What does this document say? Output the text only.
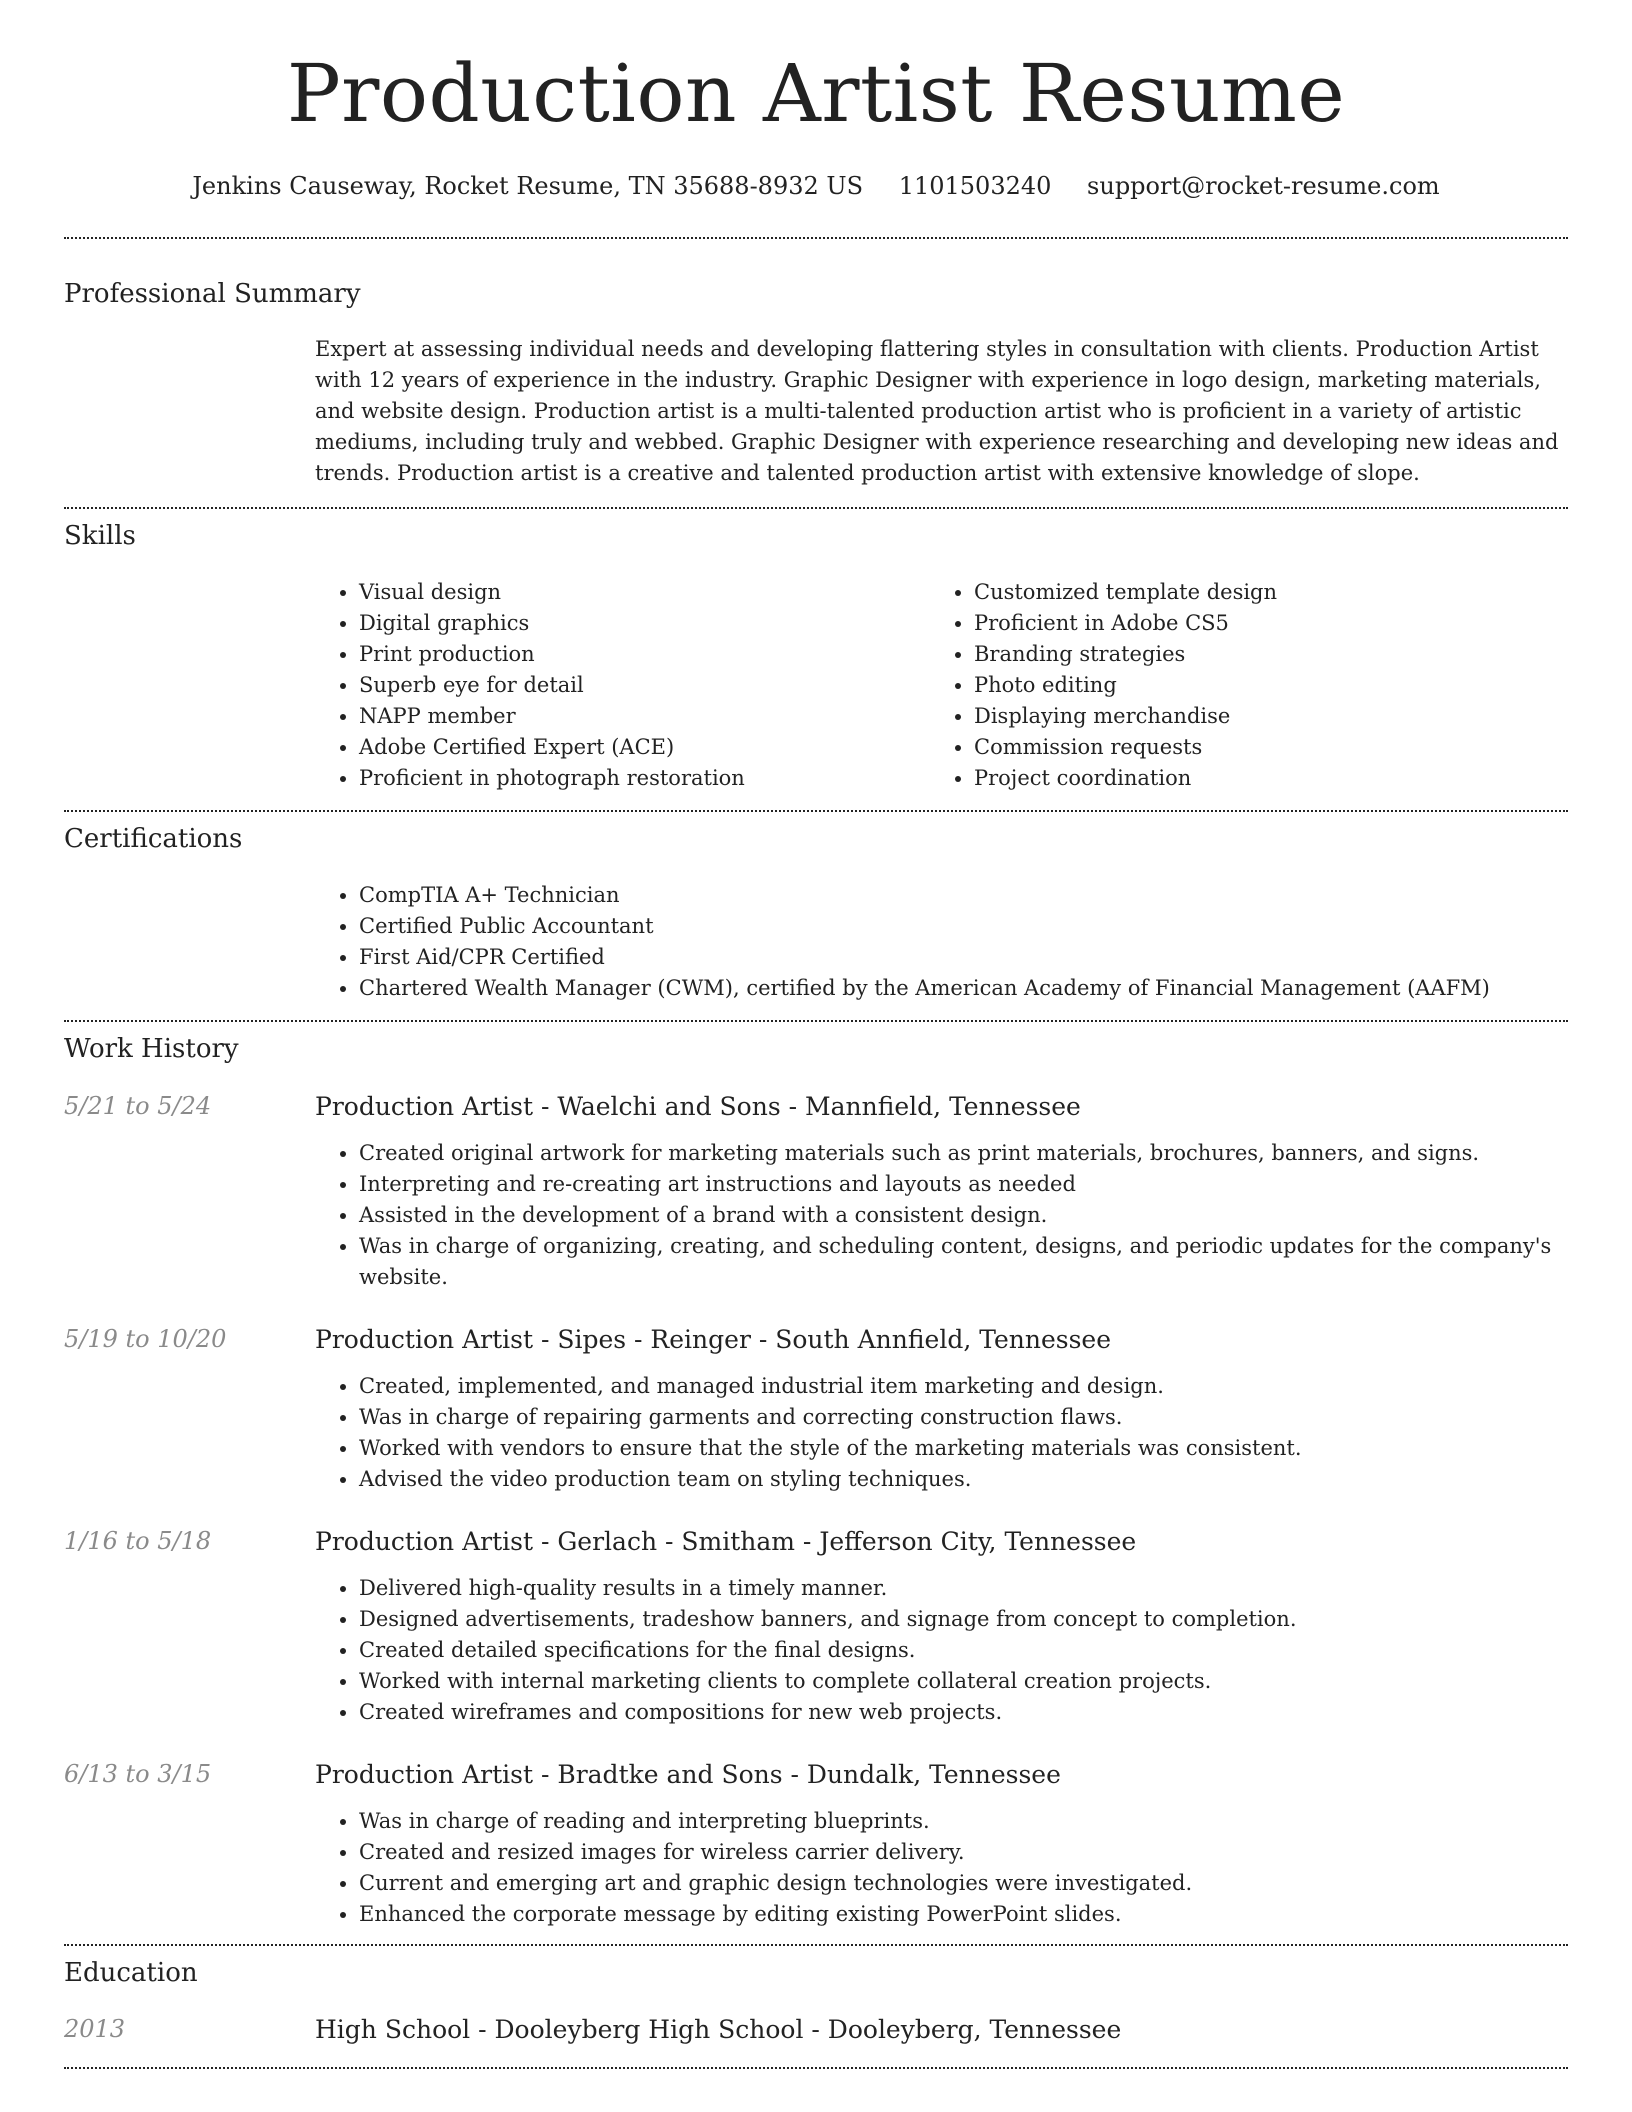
Production Artist Resume
Jenkins Causeway, Rocket Resume, TN 35688-8932 US 1101503240 support@rocket-resume.com
Professional Summary

Expert at assessing individual needs and developing flattering styles in consultation with clients. Production Artist with 12 years of experience in the industry. Graphic Designer with experience in logo design, marketing materials, and website design. Production artist is a multi-talented production artist who is proficient in a variety of artistic mediums, including truly and webbed. Graphic Designer with experience researching and developing new ideas and trends. Production artist is a creative and talented production artist with extensive knowledge of slope.

Skills
• Visual design
• Digital graphics
• Print production
• Superb eye for detail
• NAPP member
• Adobe Certified Expert (ACE)
• Proficient in photograph restoration
• Customized template design
• Proficient in Adobe CS5
• Branding strategies
• Photo editing
• Displaying merchandise
• Commission requests
• Project coordination
Certifications
• CompTIA A+ Technician
• Certified Public Accountant
• First Aid/CPR Certified
• Chartered Wealth Manager (CWM), certified by the American Academy of Financial Management (AAFM)
Work History
5/21 to 5/24	Production Artist - Waelchi and Sons - Mannfield, Tennessee
• Created original artwork for marketing materials such as print materials, brochures, banners, and signs.
• Interpreting and re-creating art instructions and layouts as needed
• Assisted in the development of a brand with a consistent design.
• Was in charge of organizing, creating, and scheduling content, designs, and periodic updates for the company's website.
5/19 to 10/20	Production Artist - Sipes - Reinger - South Annfield, Tennessee
• Created, implemented, and managed industrial item marketing and design.
• Was in charge of repairing garments and correcting construction flaws.
• Worked with vendors to ensure that the style of the marketing materials was consistent.
• Advised the video production team on styling techniques.
1/16 to 5/18	Production Artist - Gerlach - Smitham - Jefferson City, Tennessee
• Delivered high-quality results in a timely manner.
• Designed advertisements, tradeshow banners, and signage from concept to completion.
• Created detailed specifications for the final designs.
• Worked with internal marketing clients to complete collateral creation projects.
• Created wireframes and compositions for new web projects.
6/13 to 3/15	Production Artist - Bradtke and Sons - Dundalk, Tennessee
• Was in charge of reading and interpreting blueprints.
• Created and resized images for wireless carrier delivery.
• Current and emerging art and graphic design technologies were investigated.
• Enhanced the corporate message by editing existing PowerPoint slides.
Education
2013	High School - Dooleyberg High School - Dooleyberg, Tennessee
